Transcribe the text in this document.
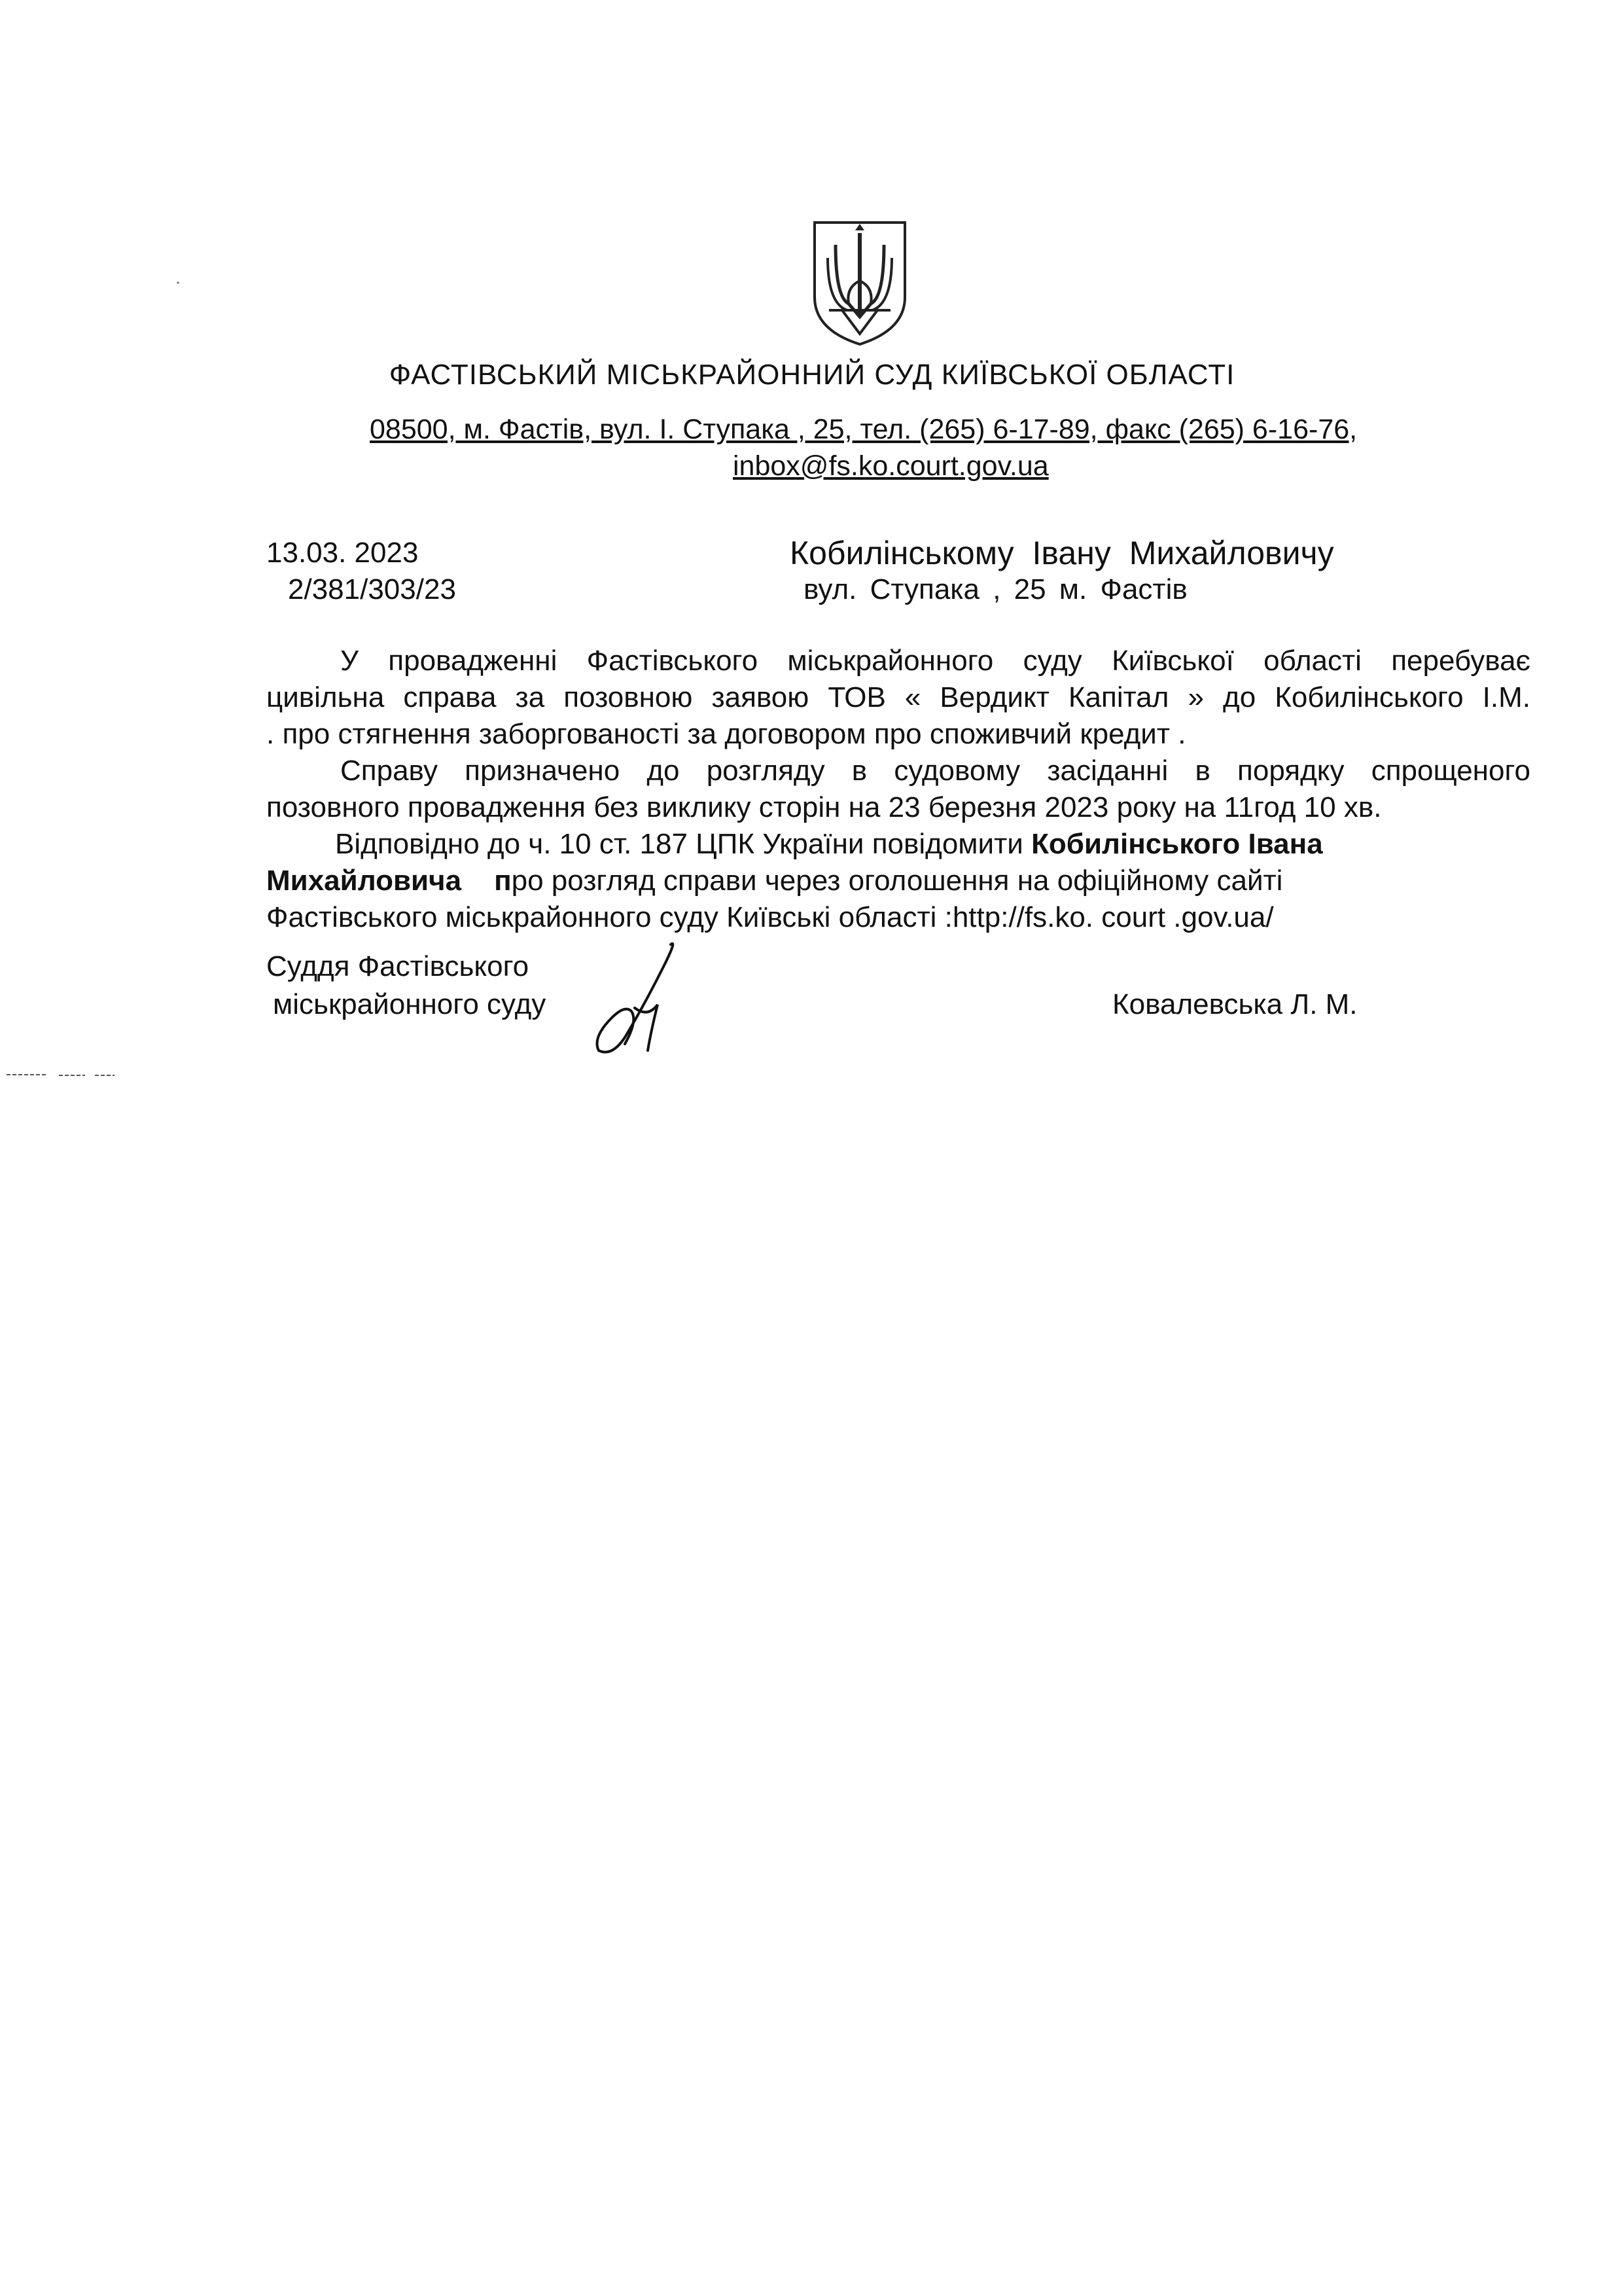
ФАСТІВСЬКИЙ МІСЬКРАЙОННИЙ СУД КИЇВСЬКОЇ ОБЛАСТІ
08500, м. Фастів, вул. І. Ступака , 25, тел. (265) 6-17-89, факс (265) 6-16-76,
inbox@fs.ko.court.gov.ua
13.03. 2023
2/381/303/23
Кобилінському Івану Михайловичу
вул. Ступака , 25 м. Фастів
У провадженні Фастівського міськрайонного суду Київської області перебуває
цивільна справа за позовною заявою ТОВ « Вердикт Капітал » до Кобилінського І.М.
. про стягнення заборгованості за договором про споживчий кредит .
Справу призначено до розгляду в судовому засіданні в порядку спрощеного
позовного провадження без виклику сторін на 23 березня 2023 року на 11год 10 хв.
Відповідно до ч. 10 ст. 187 ЦПК України повідомити Кобилінського Івана
Михайловича про розгляд справи через оголошення на офіційному сайті
Фастівського міськрайонного суду Київські області :http://fs.ko. court .gov.ua/
Суддя Фастівського
міськрайонного суду	Ковалевська Л. М.
